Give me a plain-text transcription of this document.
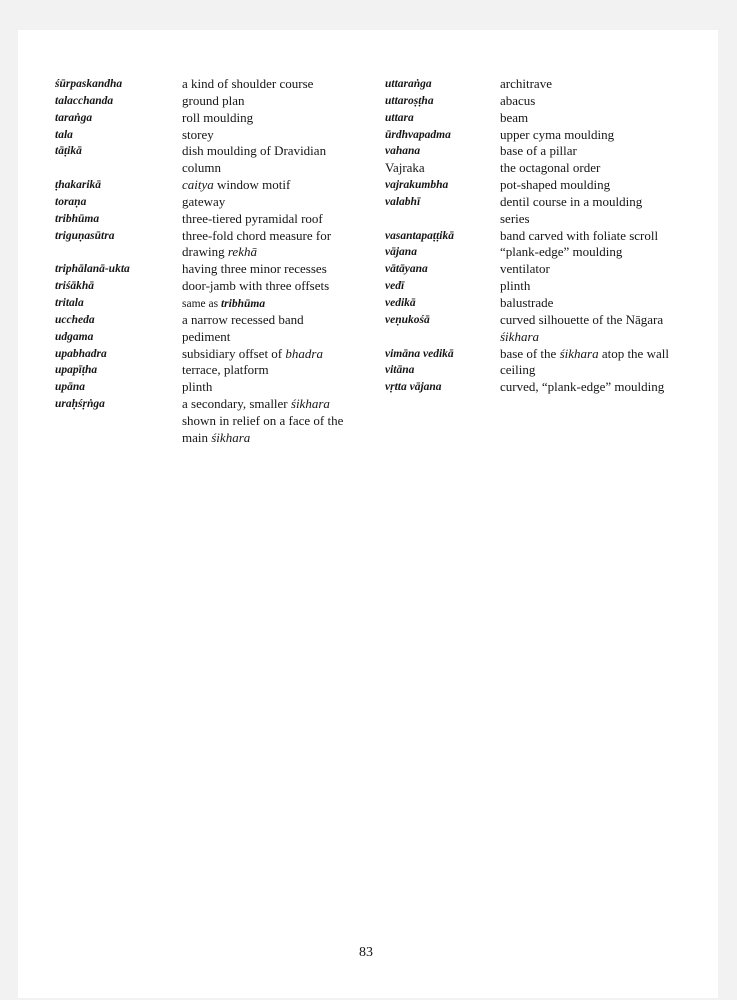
śūrpaskandha
talacchanda
taraṅga
tala
tāṭikā
ṭhakarikā
toraṇa
tribhūma
triguṇasūtra
triphālanā-ukta
triśākhā
tritala
uccheda
udgama
upabhadra
upapīṭha
upāna
uraḥśṛṅga
a kind of shoulder course
ground plan
roll moulding
storey
dish moulding of Dravidian
column
caitya window motif
gateway
three-tiered pyramidal roof
three-fold chord measure for
drawing rekhā
having three minor recesses
door-jamb with three offsets
same as tribhūma
a narrow recessed band
pediment
subsidiary offset of bhadra
terrace, platform
plinth
a secondary, smaller śikhara
shown in relief on a face of the
main śikhara
uttaraṅga
uttaroṣṭha
uttara
ūrdhvapadma
vahana
Vajraka
vajrakumbha
valabhī
vasantapaṭṭikā
vājana
vātāyana
vedī
vedikā
veṇukośā
vimāna vedikā
vitāna
vṛtta vājana
architrave
abacus
beam
upper cyma moulding
base of a pillar
the octagonal order
pot-shaped moulding
dentil course in a moulding
series
band carved with foliate scroll
“plank-edge” moulding
ventilator
plinth
balustrade
curved silhouette of the Nāgara
śikhara
base of the śikhara atop the wall
ceiling
curved, “plank-edge” moulding
83
